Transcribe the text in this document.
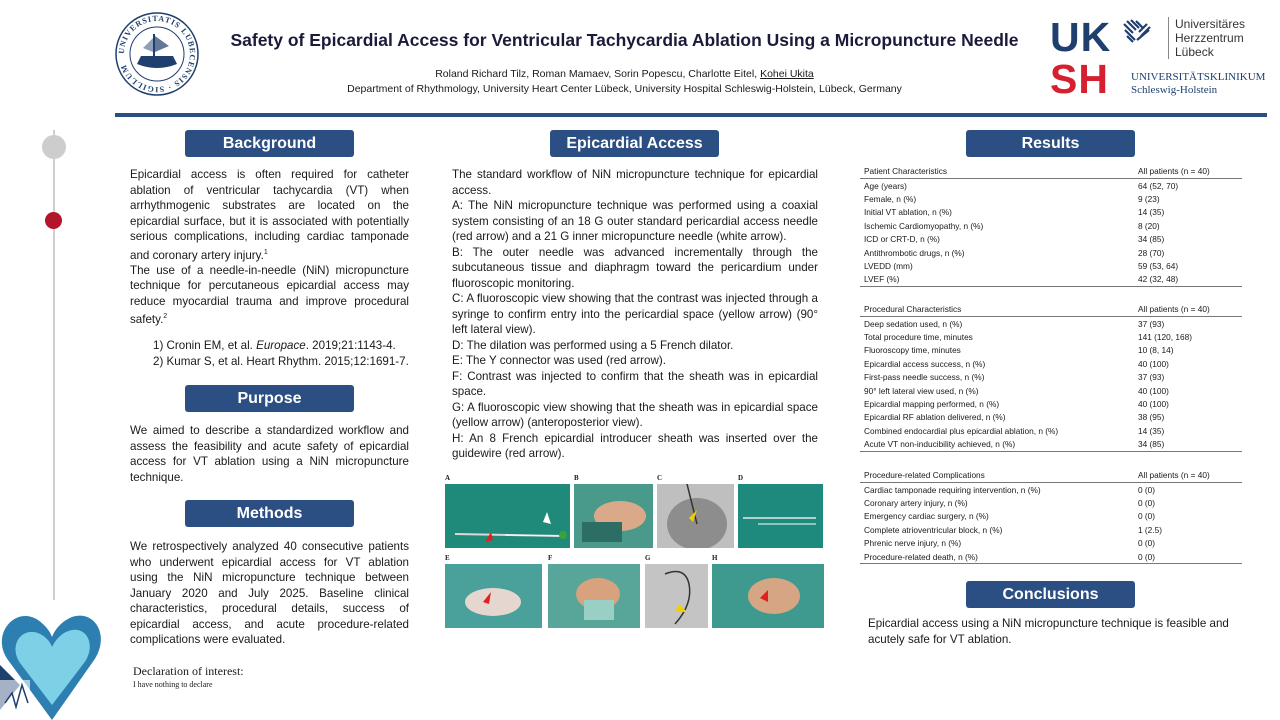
UNIVERSITATIS LUBECENSIS · SIGILLUM
Safety of Epicardial Access for Ventricular Tachycardia Ablation Using a Micropuncture Needle
Roland Richard Tilz, Roman Mamaev, Sorin Popescu, Charlotte Eitel, Kohei Ukita
Department of Rhythmology, University Heart Center Lübeck, University Hospital Schleswig-Holstein, Lübeck, Germany
UK
SH
Universitäres
Herzzentrum Lübeck
UNIVERSITÄTSKLINIKUM
Schleswig-Holstein
Background

Epicardial access is often required for catheter ablation of ventricular tachycardia (VT) when arrhythmogenic substrates are located on the epicardial surface, but it is associated with potentially serious complications, including cardiac tamponade and coronary artery injury.$^1$

The use of a needle-in-needle (NiN) micropuncture technique for percutaneous epicardial access may reduce myocardial trauma and improve procedural safety.$^2$

1) Cronin EM, et al. Europace. 2019;21:1143-4.
2) Kumar S, et al. Heart Rhythm. 2015;12:1691-7.
Purpose
We aimed to describe a standardized workflow and assess the feasibility and acute safety of epicardial access for VT ablation using a NiN micropuncture technique.
Methods
We retrospectively analyzed 40 consecutive patients who underwent epicardial access for VT ablation using the NiN micropuncture technique between January 2020 and July 2025. Baseline clinical characteristics, procedural details, success of epicardial access, and acute procedure-related complications were evaluated.
Declaration of interest:
I have nothing to declare
Epicardial Access

The standard workflow of NiN micropuncture technique for epicardial access.

A: The NiN micropuncture technique was performed using a coaxial system consisting of an 18 G outer standard pericardial access needle (red arrow) and a 21 G inner micropuncture needle (white arrow).

B: The outer needle was advanced incrementally through the subcutaneous tissue and diaphragm toward the pericardium under fluoroscopic monitoring.

C: A fluoroscopic view showing that the contrast was injected through a syringe to confirm entry into the pericardial space (yellow arrow) (90° left lateral view).

D: The dilation was performed using a 5 French dilator.

E: The Y connector was used (red arrow).

F: Contrast was injected to confirm that the sheath was in epicardial space.

G: A fluoroscopic view showing that the sheath was in epicardial space (yellow arrow) (anteroposterior view).

H: An 8 French epicardial introducer sheath was inserted over the guidewire (red arrow).

A	B	C	D
E	F	G	H
Results
Patient Characteristics	All patients (n = 40)
Age (years)	64 (52, 70)
Female, n (%)	9 (23)
Initial VT ablation, n (%)	14 (35)
Ischemic Cardiomyopathy, n (%)	8 (20)
ICD or CRT-D, n (%)	34 (85)
Antithrombotic drugs, n (%)	28 (70)
LVEDD (mm)	59 (53, 64)
LVEF (%)	42 (32, 48)
Procedural Characteristics	All patients (n = 40)
Deep sedation used, n (%)	37 (93)
Total procedure time, minutes	141 (120, 168)
Fluoroscopy time, minutes	10 (8, 14)
Epicardial access success, n (%)	40 (100)
First-pass needle success, n (%)	37 (93)
90° left lateral view used, n (%)	40 (100)
Epicardial mapping performed, n (%)	40 (100)
Epicardial RF ablation delivered, n (%)	38 (95)
Combined endocardial plus epicardial ablation, n (%)	14 (35)
Acute VT non-inducibility achieved, n (%)	34 (85)
Procedure-related Complications	All patients (n = 40)
Cardiac tamponade requiring intervention, n (%)	0 (0)
Coronary artery injury, n (%)	0 (0)
Emergency cardiac surgery, n (%)	0 (0)
Complete atrioventricular block, n (%)	1 (2.5)
Phrenic nerve injury, n (%)	0 (0)
Procedure-related death, n (%)	0 (0)
Conclusions
Epicardial access using a NiN micropuncture technique is feasible and acutely safe for VT ablation.
